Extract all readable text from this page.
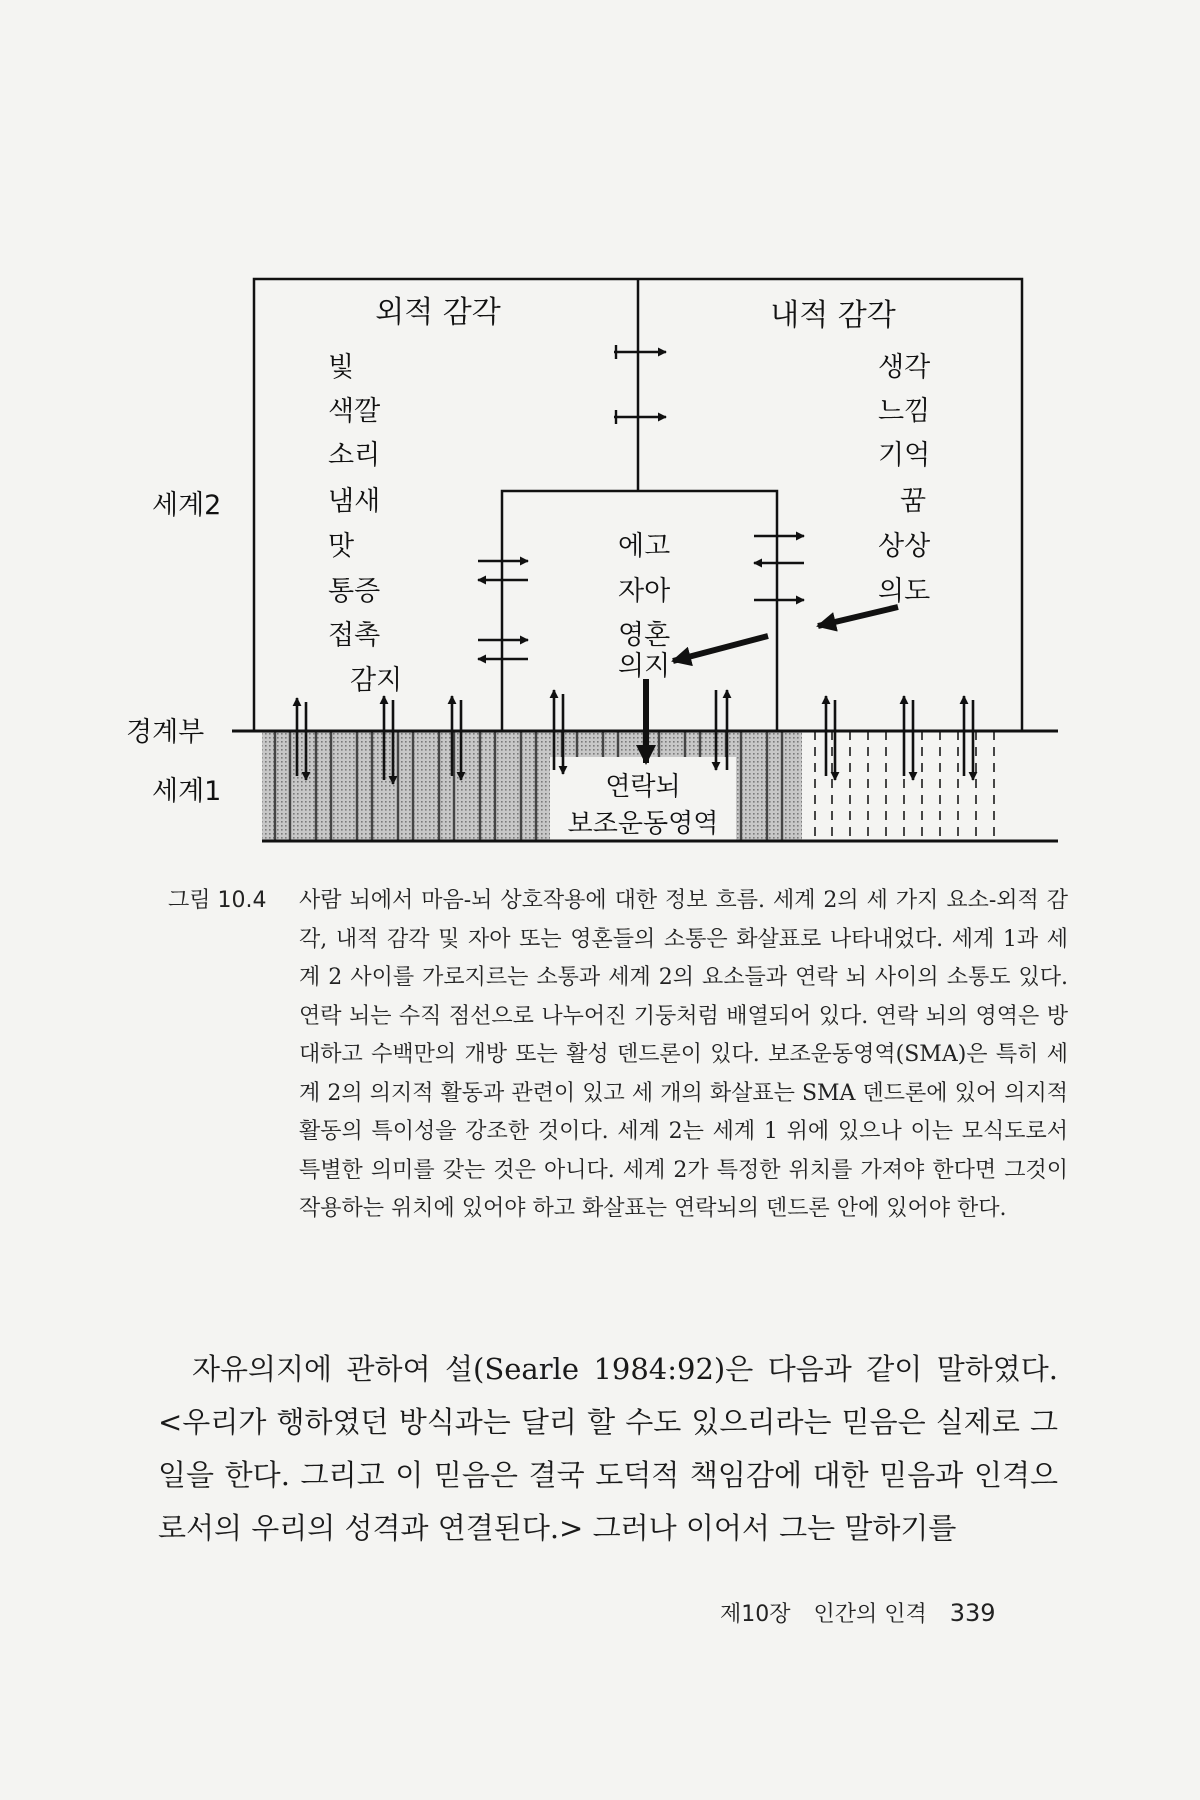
외적 감각	내적 감각
빛
색깔
소리
냄새
맛
통증
접촉
감지
생각
느낌
기억
꿈
상상
의도
에고
자아
영혼
의지
세계2
경계부
세계1	연락뇌
보조운동영역
그림 10.4	사람 뇌에서 마음-뇌 상호작용에 대한 정보 흐름. 세계 2의 세 가지 요소-외적 감각, 내적 감각 및 자아 또는 영혼들의 소통은 화살표로 나타내었다. 세계 1과 세계 2 사이를 가로지르는 소통과 세계 2의 요소들과 연락 뇌 사이의 소통도 있다. 연락 뇌는 수직 점선으로 나누어진 기둥처럼 배열되어 있다. 연락 뇌의 영역은 방대하고 수백만의 개방 또는 활성 덴드론이 있다. 보조운동영역(SMA)은 특히 세계 2의 의지적 활동과 관련이 있고 세 개의 화살표는 SMA 덴드론에 있어 의지적 활동의 특이성을 강조한 것이다. 세계 2는 세계 1 위에 있으나 이는 모식도로서 특별한 의미를 갖는 것은 아니다. 세계 2가 특정한 위치를 가져야 한다면 그것이 작용하는 위치에 있어야 하고 화살표는 연락뇌의 덴드론 안에 있어야 한다.

자유의지에 관하여 설(Searle 1984:92)은 다음과 같이 말하였다. <우리가 행하였던 방식과는 달리 할 수도 있으리라는 믿음은 실제로 그 일을 한다. 그리고 이 믿음은 결국 도덕적 책임감에 대한 믿음과 인격으로서의 우리의 성격과 연결된다.> 그러나 이어서 그는 말하기를

제10장 인간의 인격 339
